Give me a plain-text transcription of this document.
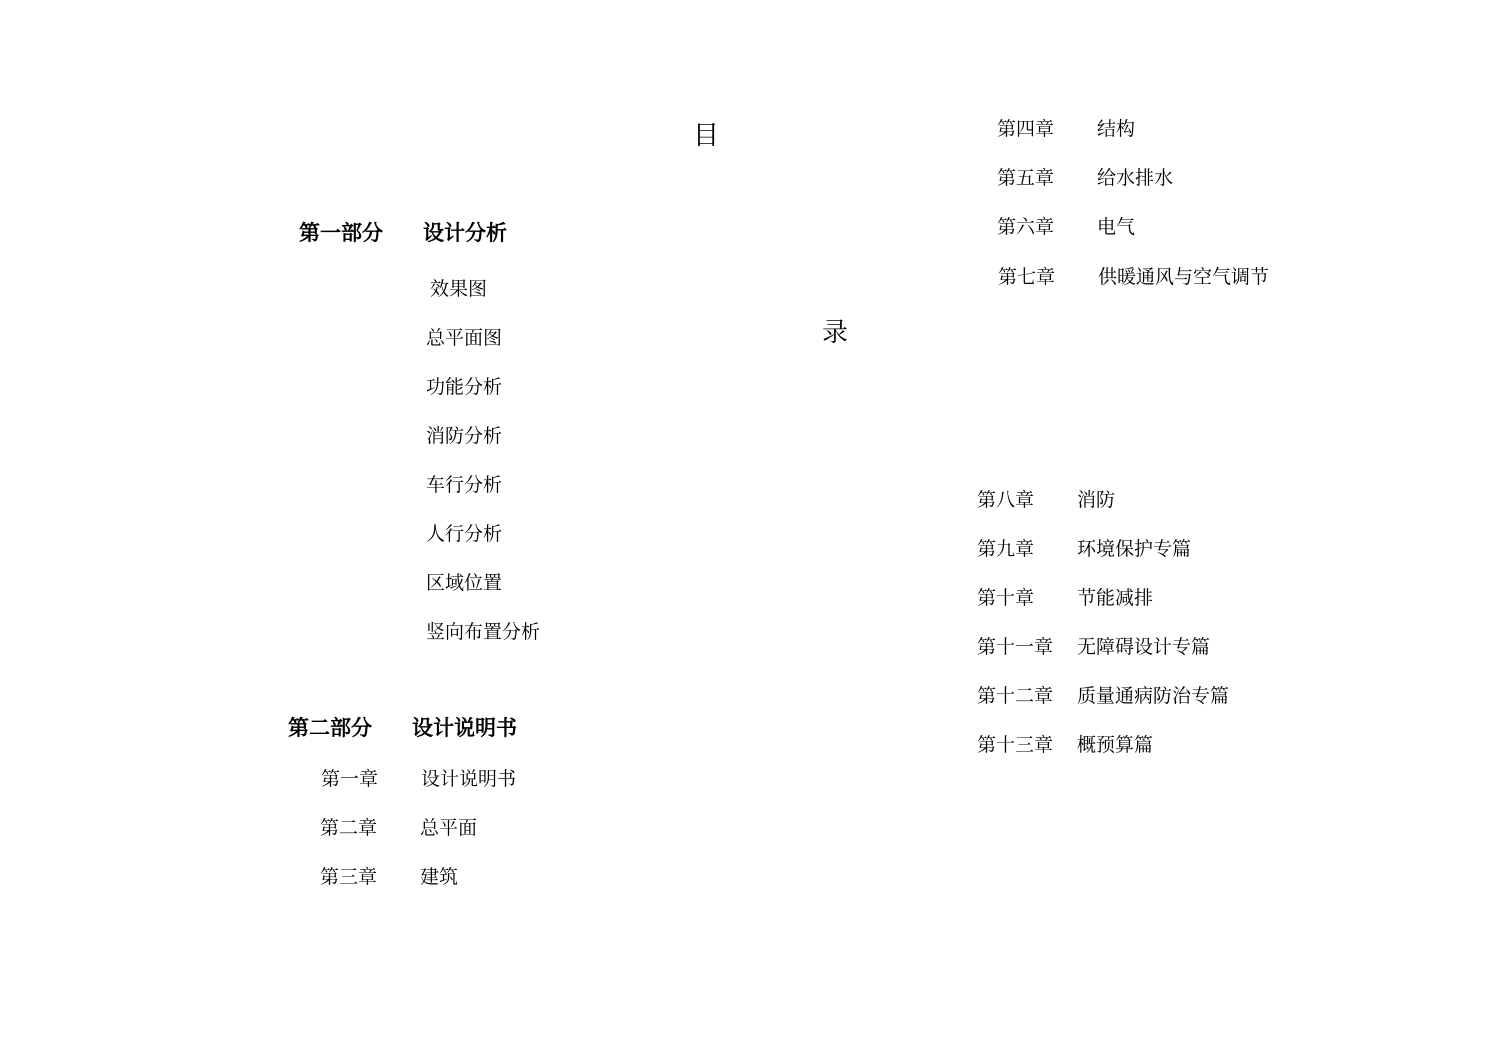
目
录
第一部分 设计分析
效果图
总平面图
功能分析
消防分析
车行分析
人行分析
区域位置
竖向布置分析
第二部分 设计说明书
第一章 设计说明书
第二章 总平面
第三章 建筑
第四章 结构
第五章 给水排水
第六章 电气
第七章 供暖通风与空气调节
第八章 消防
第九章 环境保护专篇
第十章 节能减排
第十一章 无障碍设计专篇
第十二章 质量通病防治专篇
第十三章 概预算篇
